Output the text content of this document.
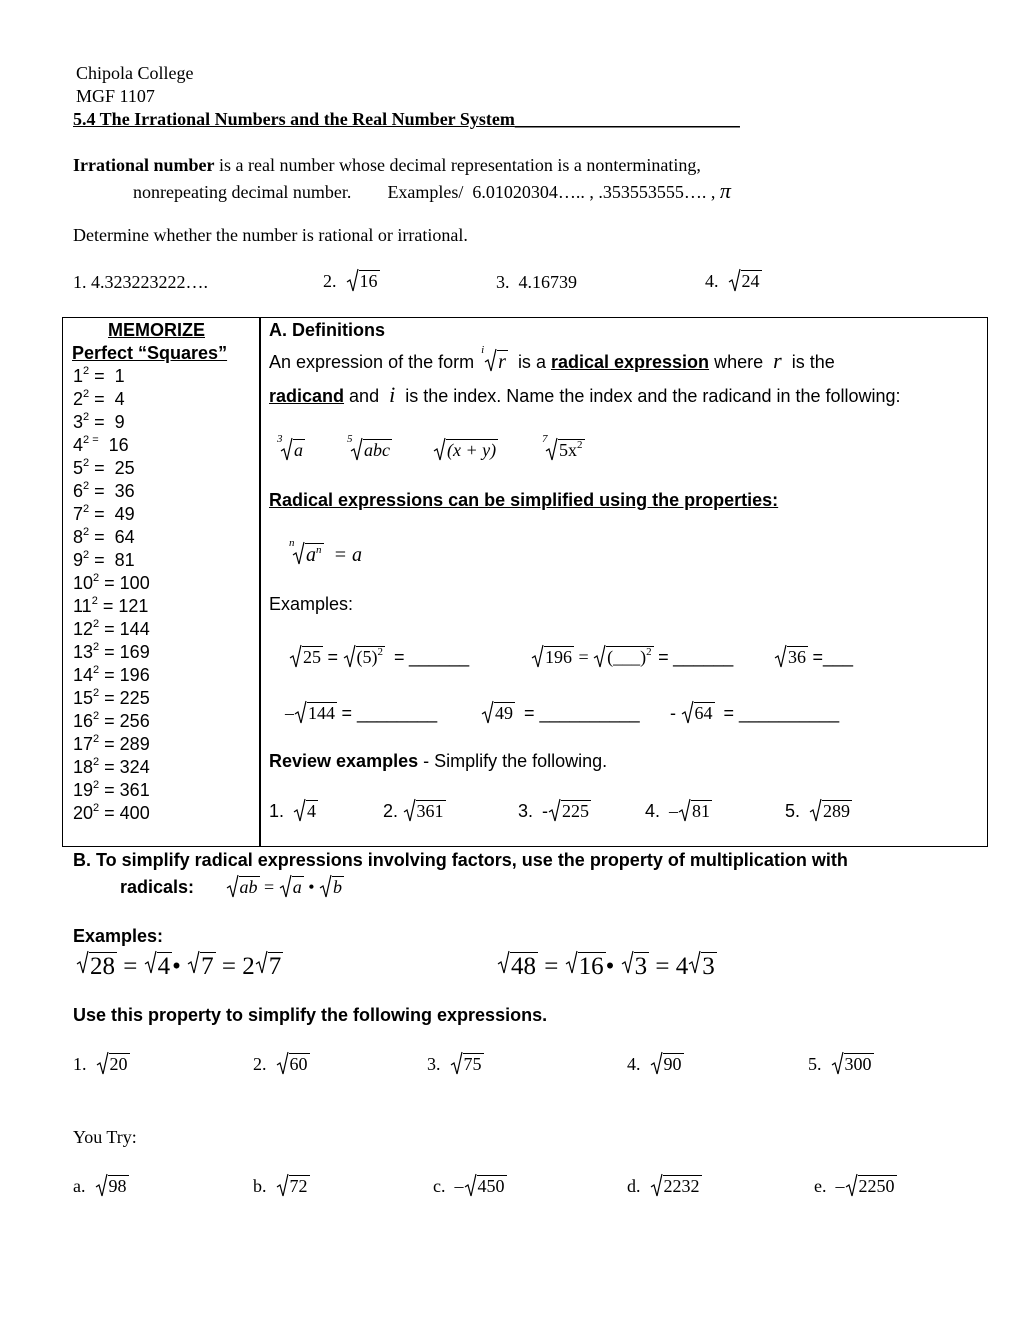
Chipola College
MGF 1107
5.4 The Irrational Numbers and the Real Number System_________________________
Irrational number is a real number whose decimal representation is a nonterminating,
nonrepeating decimal number. Examples/ 6.01020304….. , .353553555…. , π
Determine whether the number is rational or irrational.
1. 4.323223222….	2. 16	3. 4.16739	4. 24
MEMORIZE
Perfect “Squares”
$1^2 = 1$
$2^2 = 4$
$3^2 = 9$
$4^{2 =}$  16
$5^2 = 25$
$6^2 = 36$
$7^2 = 49$
$8^2 = 64$
$9^2 = 81$
$10^2 = 100$
$11^2 = 121$
$12^2 = 144$
$13^2 = 169$
$14^2 = 196$
$15^2 = 225$
$16^2 = 256$
$17^2 = 289$
$18^2 = 324$
$19^2 = 361$
$20^2 = 400$
A. Definitions
An expression of the form
i
r is a radical expression where r is the
radicand and i is the index. Name the index and the radicand in the following:
3
a
5
abc	(x + y)
7
$5x^2$
Radical expressions can be simplified using the properties:
n
$a^n = a$
Examples:
$25 = (5)^2$ = ______	196 = (___)$^2$ = ______	36 =___
– 144 = ________	49 = __________ - 64 = __________
Review examples - Simplify the following.
1. 4	2. 361	3. - 225	4. – 81	5. 289
B. To simplify radical expressions involving factors, use the property of multiplication with
radicals:	ab = a • b
Examples:
28 = 4• 7 = 2 7	48 = 16• 3 = 4 3
Use this property to simplify the following expressions.
1. 20	2. 60	3. 75	4. 90	5. 300
You Try:
a. 98	b. 72	c. – 450	d. 2232	e. – 2250
